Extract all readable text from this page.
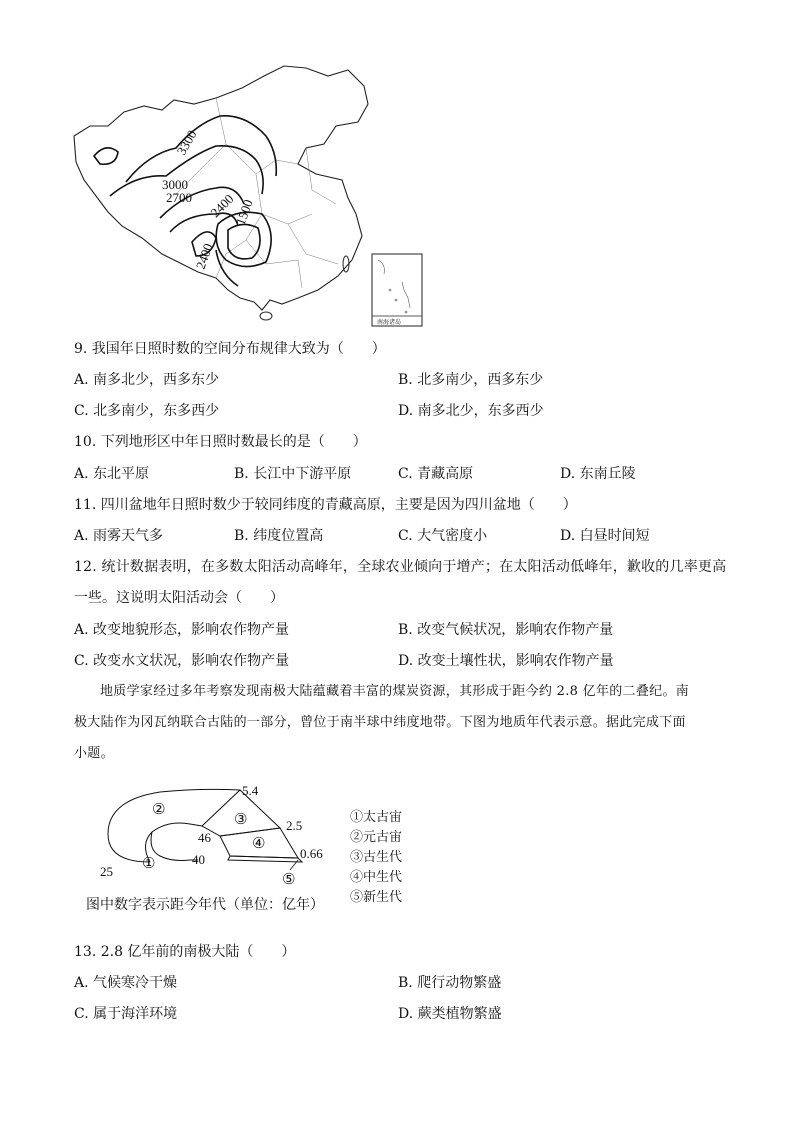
3300
3000
2700 2400
1500
2400
南海诸岛
9. 我国年日照时数的空间分布规律大致为（　　）
A. 南多北少，西多东少	B. 北多南少，西多东少
C. 北多南少，东多西少	D. 南多北少，东多西少
10. 下列地形区中年日照时数最长的是（　　）
A. 东北平原	B. 长江中下游平原	C. 青藏高原	D. 东南丘陵
11. 四川盆地年日照时数少于较同纬度的青藏高原，主要是因为四川盆地（　　）
A. 雨雾天气多	B. 纬度位置高	C. 大气密度小	D. 白昼时间短
12. 统计数据表明，在多数太阳活动高峰年，全球农业倾向于增产；在太阳活动低峰年，歉收的几率更高
一些。这说明太阳活动会（　　）
A. 改变地貌形态，影响农作物产量	B. 改变气候状况，影响农作物产量
C. 改变水文状况，影响农作物产量	D. 改变土壤性状，影响农作物产量
地质学家经过多年考察发现南极大陆蕴藏着丰富的煤炭资源，其形成于距今约 2.8 亿年的二叠纪。南
极大陆作为冈瓦纳联合古陆的一部分，曾位于南半球中纬度地带。下图为地质年代表示意。据此完成下面
小题。
①
②
③
④
⑤
5.4
46
2.5
0.66
25
40
①太古宙
②元古宙
③古生代
④中生代
⑤新生代
图中数字表示距今年代（单位：亿年）
13. 2.8 亿年前的南极大陆（　　）
A. 气候寒冷干燥	B. 爬行动物繁盛
C. 属于海洋环境	D. 蕨类植物繁盛
